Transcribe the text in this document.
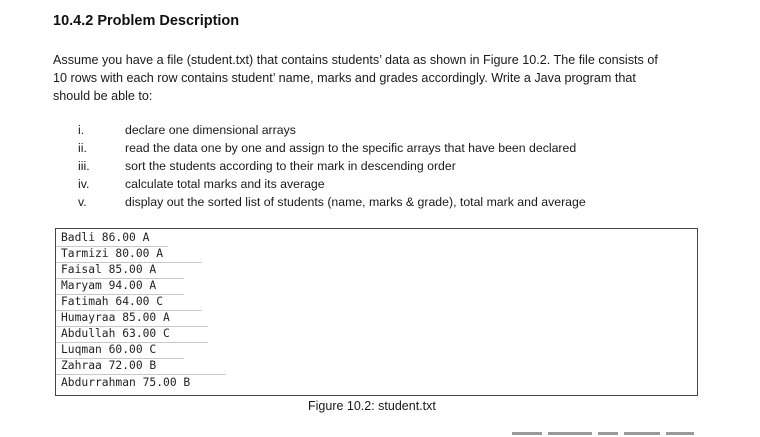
10.4.2 Problem Description
Assume you have a file (student.txt) that contains students’ data as shown in Figure 10.2. The file consists of
10 rows with each row contains student’ name, marks and grades accordingly. Write a Java program that
should be able to:
i.	declare one dimensional arrays
ii.	read the data one by one and assign to the specific arrays that have been declared
iii.	sort the students according to their mark in descending order
iv.	calculate total marks and its average
v.	display out the sorted list of students (name, marks & grade), total mark and average
Badli 86.00 A
Tarmizi 80.00 A
Faisal 85.00 A
Maryam 94.00 A
Fatimah 64.00 C
Humayraa 85.00 A
Abdullah 63.00 C
Luqman 60.00 C
Zahraa 72.00 B
Abdurrahman 75.00 B
Figure 10.2: student.txt
